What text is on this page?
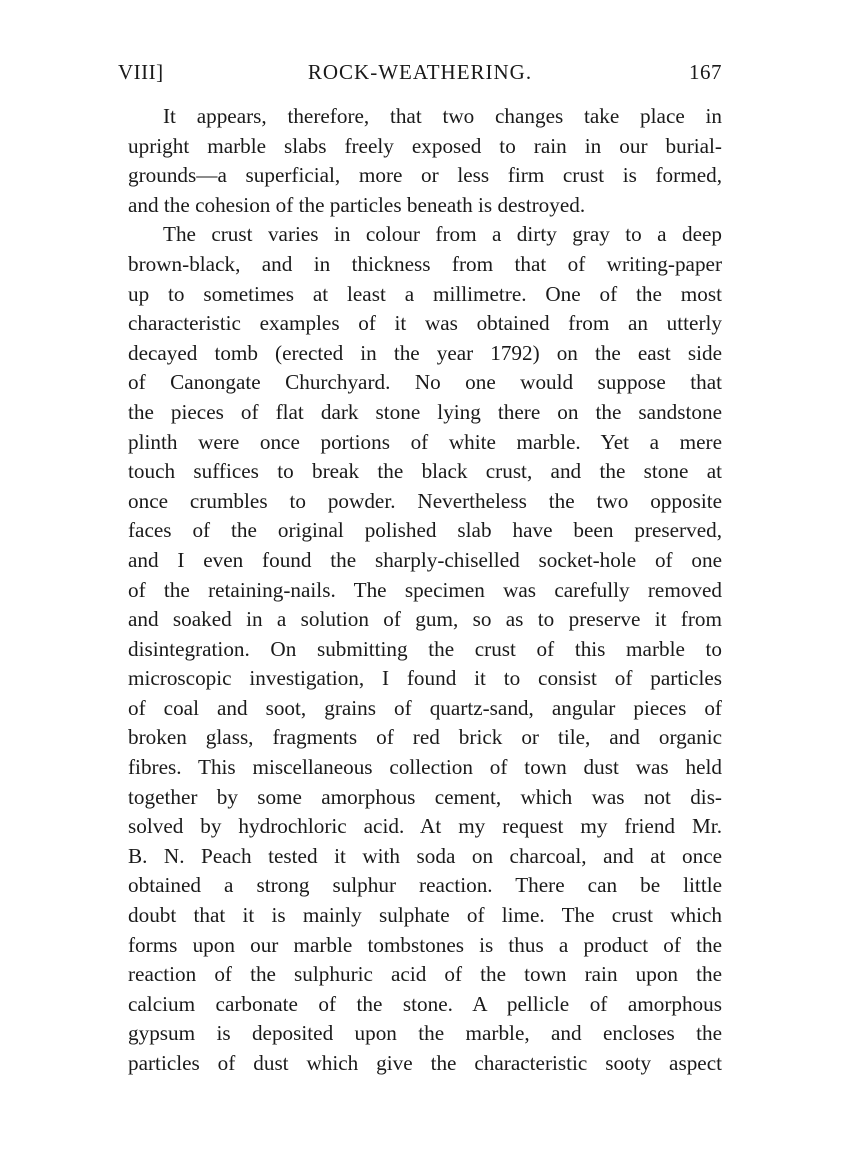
VIII]	ROCK-WEATHERING.	167

It appears, therefore, that two changes take place in
upright marble slabs freely exposed to rain in our burial-
grounds—a superficial, more or less firm crust is formed,
and the cohesion of the particles beneath is destroyed.

The crust varies in colour from a dirty gray to a deep
brown-black, and in thickness from that of writing-paper
up to sometimes at least a millimetre. One of the most
characteristic examples of it was obtained from an utterly
decayed tomb (erected in the year 1792) on the east side
of Canongate Churchyard. No one would suppose that
the pieces of flat dark stone lying there on the sandstone
plinth were once portions of white marble. Yet a mere
touch suffices to break the black crust, and the stone at
once crumbles to powder. Nevertheless the two opposite
faces of the original polished slab have been preserved,
and I even found the sharply-chiselled socket-hole of one
of the retaining-nails. The specimen was carefully removed
and soaked in a solution of gum, so as to preserve it from
disintegration. On submitting the crust of this marble to
microscopic investigation, I found it to consist of particles
of coal and soot, grains of quartz-sand, angular pieces of
broken glass, fragments of red brick or tile, and organic
fibres. This miscellaneous collection of town dust was held
together by some amorphous cement, which was not dis-
solved by hydrochloric acid. At my request my friend Mr.
B. N. Peach tested it with soda on charcoal, and at once
obtained a strong sulphur reaction. There can be little
doubt that it is mainly sulphate of lime. The crust which
forms upon our marble tombstones is thus a product of the
reaction of the sulphuric acid of the town rain upon the
calcium carbonate of the stone. A pellicle of amorphous
gypsum is deposited upon the marble, and encloses the
particles of dust which give the characteristic sooty aspect
